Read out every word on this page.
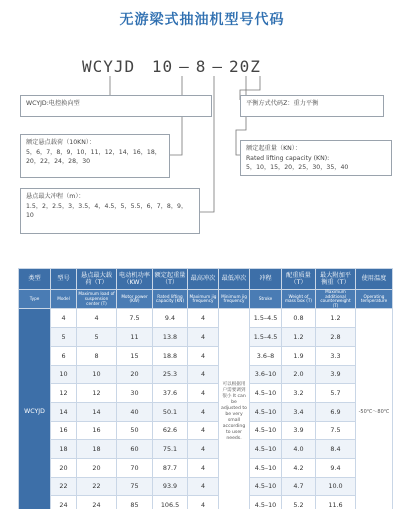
无游梁式抽油机型号代码
WCYJD 10 — 8 — 20Z
WCYJD:电控换向型
额定悬点载荷（10KN）：
5，6，7，8，9，10，11，12，14，16，18，20，22，24，28，30
悬点最大冲程（m）：
1.5，2，2.5，3，3.5，4，4.5，5，5.5，6，7，8，9，10
平衡方式代码Z：重力平衡
额定起重量（KN）：
Rated lifting capacity (KN):
5，10，15，20，25，30，35，40
类型	型号	悬点最大载荷（T）	电动机功率（KW）	额定起重量（T）	最高冲次	最低冲次	冲程	配重质量（T）	最大附加平衡重（T）	使用温度
Type	Model	Maximum load of suspension center (T)	Motor power (KW)	Rated lifting capacity (KN)	Maximum jig frequency	Minimum jig frequency	Stroke	Weight of mass box (T)	Maximum additional counterweight (T)	Operating temperature
WCYJD	4	4	7.5	9.4	4	可以根据用户需要调到很小 It can be adjusted to be very small according to user needs.	1.5–4.5	0.8	1.2	-50℃～80℃
	5	5	11	13.8	4		1.5–4.5	1.2	2.8	
	6	8	15	18.8	4		3.6–8	1.9	3.3	
	10	10	20	25.3	4		3.6–10	2.0	3.9	
	12	12	30	37.6	4		4.5–10	3.2	5.7	
	14	14	40	50.1	4		4.5–10	3.4	6.9	
	16	16	50	62.6	4		4.5–10	3.9	7.5	
	18	18	60	75.1	4		4.5–10	4.0	8.4	
	20	20	70	87.7	4		4.5–10	4.2	9.4	
	22	22	75	93.9	4		4.5–10	4.7	10.0	
	24	24	85	106.5	4		4.5–10	5.2	11.6	
